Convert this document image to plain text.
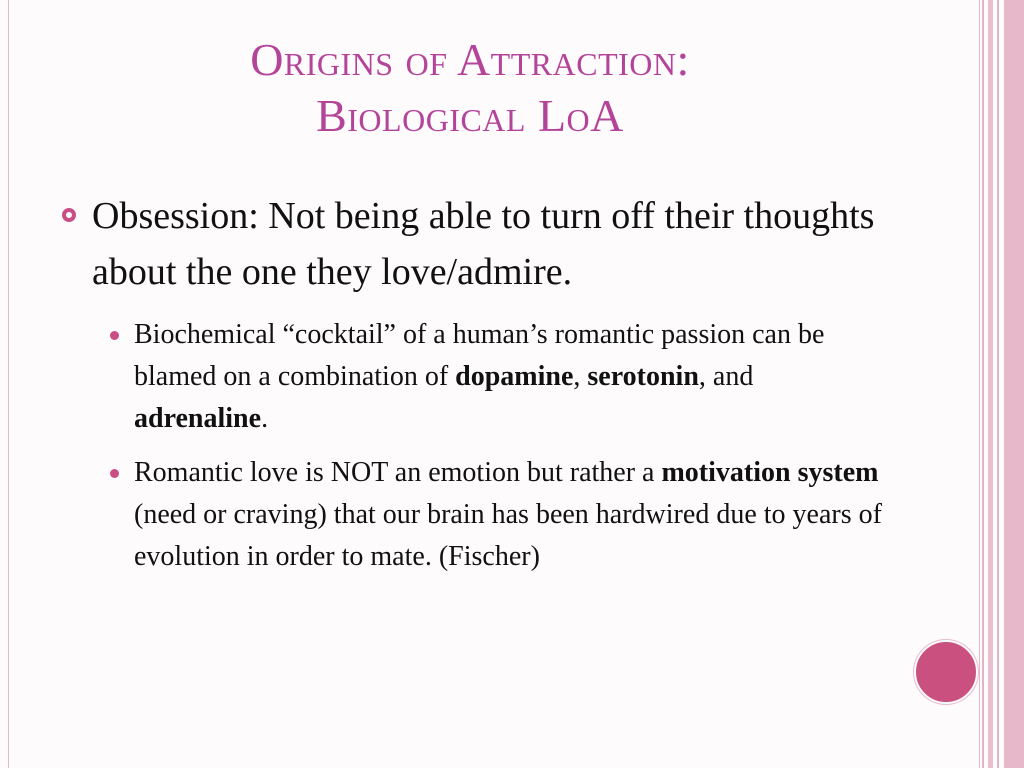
Origins of Attraction:
Biological LoA
Obsession: Not being able to turn off their thoughts about the one they love/admire.
Biochemical “cocktail” of a human’s romantic passion can be blamed on a combination of dopamine, serotonin, and adrenaline.
Romantic love is NOT an emotion but rather a motivation system (need or craving) that our brain has been hardwired due to years of evolution in order to mate. (Fischer)
